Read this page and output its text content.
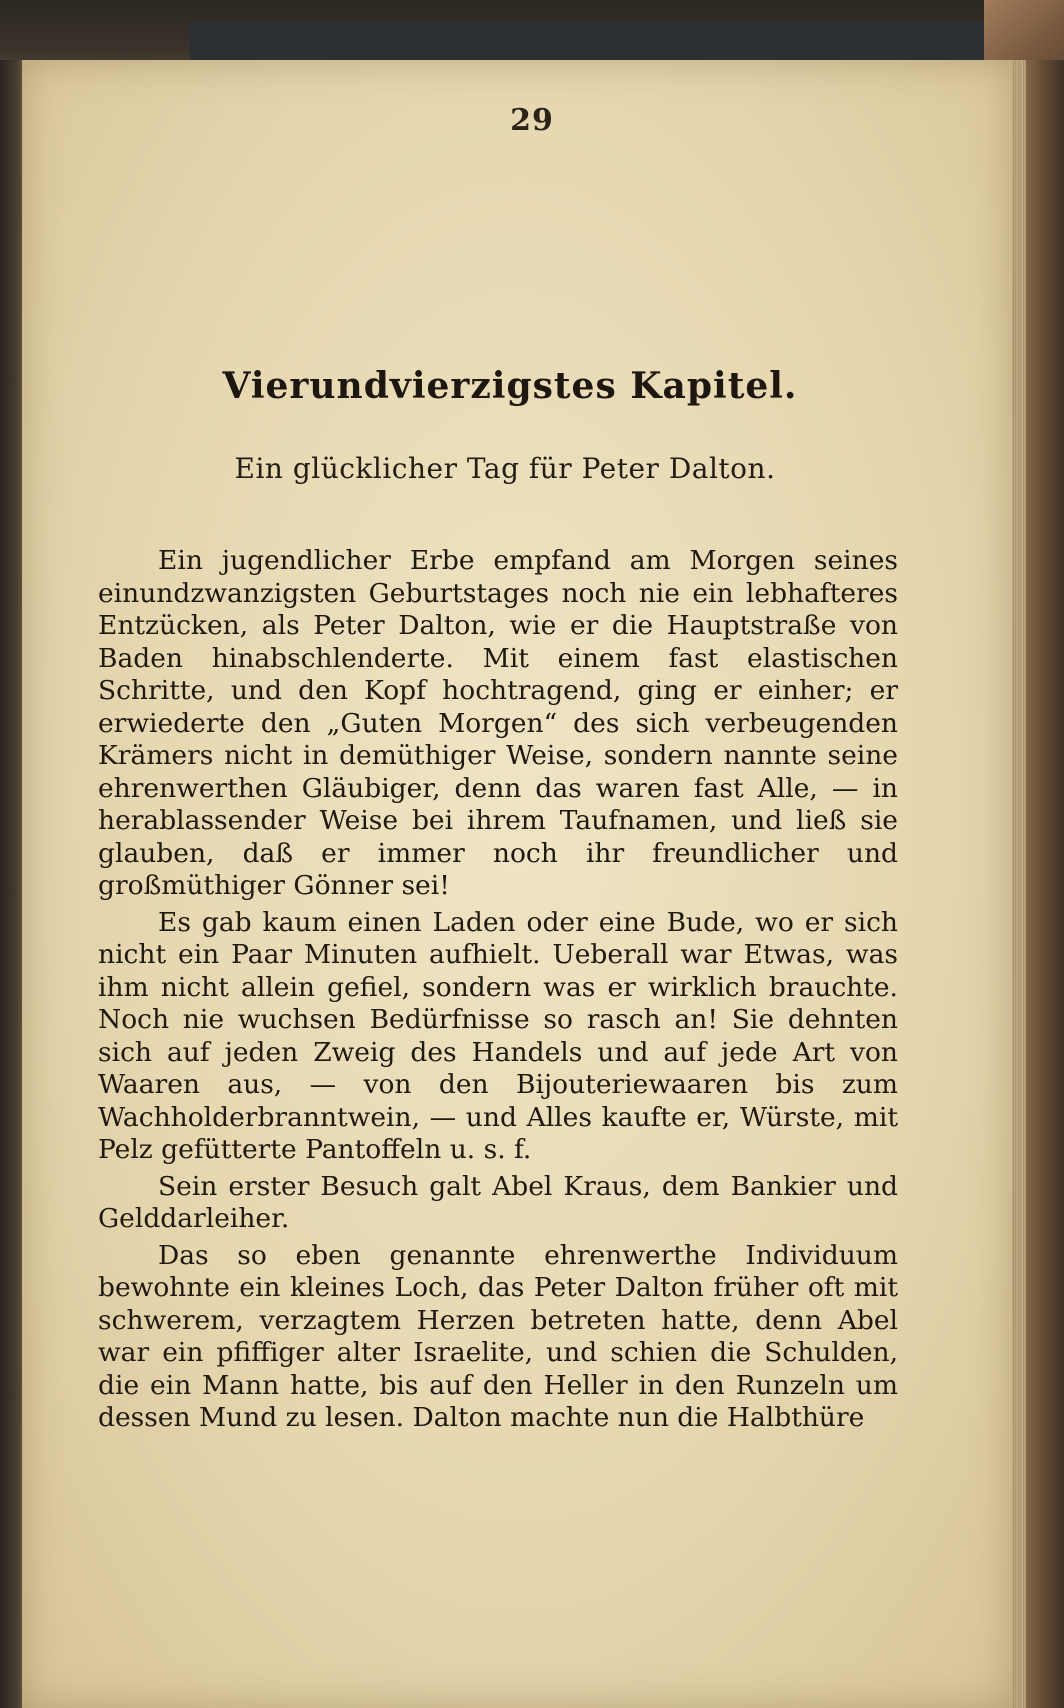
29
Vierundvierzigstes Kapitel.
Ein glücklicher Tag für Peter Dalton.

Ein jugendlicher Erbe empfand am Morgen seines einundzwanzigsten Geburtstages noch nie ein lebhafteres Entzücken, als Peter Dalton, wie er die Hauptstraße von Baden hinabschlenderte. Mit einem fast elastischen Schritte, und den Kopf hochtragend, ging er einher; er erwiederte den „Guten Morgen“ des sich verbeugenden Krämers nicht in demüthiger Weise, sondern nannte seine ehrenwerthen Gläubiger, denn das waren fast Alle, — in herablassender Weise bei ihrem Taufnamen, und ließ sie glauben, daß er immer noch ihr freundlicher und großmüthiger Gönner sei!

Es gab kaum einen Laden oder eine Bude, wo er sich nicht ein Paar Minuten aufhielt. Ueberall war Etwas, was ihm nicht allein gefiel, sondern was er wirklich brauchte. Noch nie wuchsen Bedürfnisse so rasch an! Sie dehnten sich auf jeden Zweig des Handels und auf jede Art von Waaren aus, — von den Bijouteriewaaren bis zum Wachholderbranntwein, — und Alles kaufte er, Würste, mit Pelz gefütterte Pantoffeln u. s. f.

Sein erster Besuch galt Abel Kraus, dem Bankier und Gelddarleiher.

Das so eben genannte ehrenwerthe Individuum bewohnte ein kleines Loch, das Peter Dalton früher oft mit schwerem, verzagtem Herzen betreten hatte, denn Abel war ein pfiffiger alter Israelite, und schien die Schulden, die ein Mann hatte, bis auf den Heller in den Runzeln um dessen Mund zu lesen. Dalton machte nun die Halbthüre
